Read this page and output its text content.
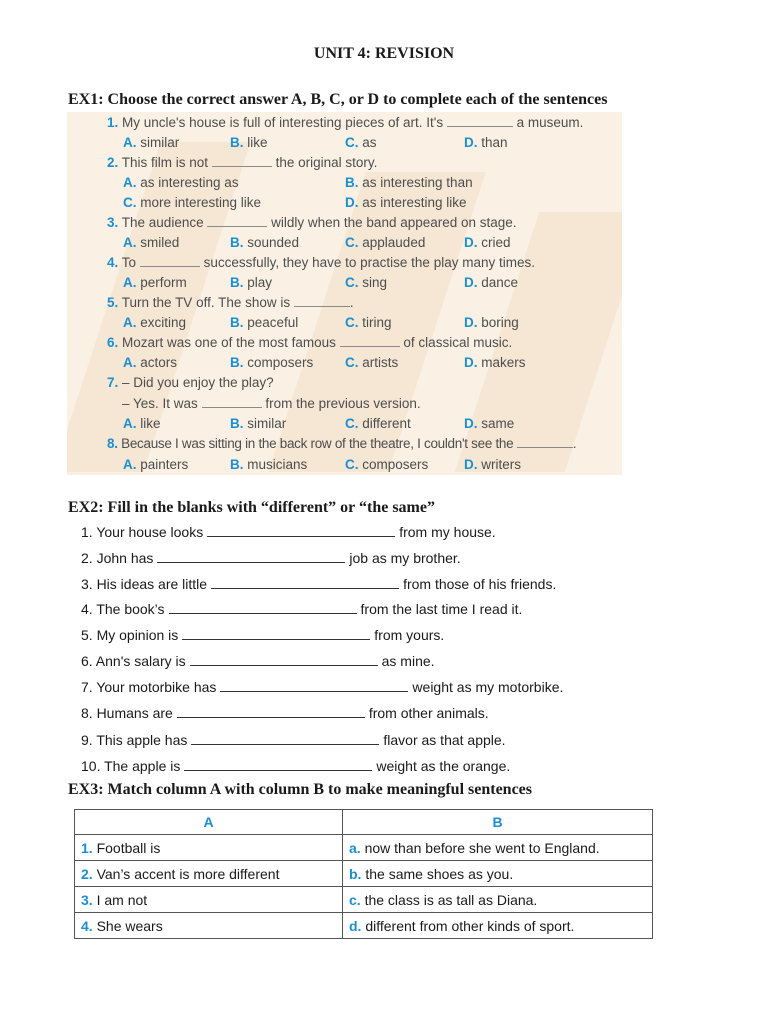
UNIT 4: REVISION
EX1: Choose the correct answer A, B, C, or D to complete each of the sentences
1. My uncle's house is full of interesting pieces of art. It's	a museum.
A. similar	B. like	C. as	D. than
2. This film is not	the original story.
A. as interesting as	B. as interesting than
C. more interesting like	D. as interesting like
3. The audience	wildly when the band appeared on stage.
A. smiled	B. sounded	C. applauded	D. cried
4. To	successfully, they have to practise the play many times.
A. perform	B. play	C. sing	D. dance
5. Turn the TV off. The show is	.
A. exciting	B. peaceful	C. tiring	D. boring
6. Mozart was one of the most famous	of classical music.
A. actors	B. composers C. artists	D. makers
7. – Did you enjoy the play?
– Yes. It was	from the previous version.
A. like	B. similar	C. different	D. same
8. Because I was sitting in the back row of the theatre, I couldn't see the	.
A. painters	B. musicians	C. composers	D. writers
EX2: Fill in the blanks with “different” or “the same”
1. Your house looks	from my house.
2. John has	job as my brother.
3. His ideas are little	from those of his friends.
4. The book’s	from the last time I read it.
5. My opinion is	from yours.
6. Ann's salary is	as mine.
7. Your motorbike has	weight as my motorbike.
8. Humans are	from other animals.
9. This apple has	flavor as that apple.
10. The apple is	weight as the orange.
EX3: Match column A with column B to make meaningful sentences
A	B
1. Football is	a. now than before she went to England.
2. Van’s accent is more different	b. the same shoes as you.
3. I am not	c. the class is as tall as Diana.
4. She wears	d. different from other kinds of sport.
